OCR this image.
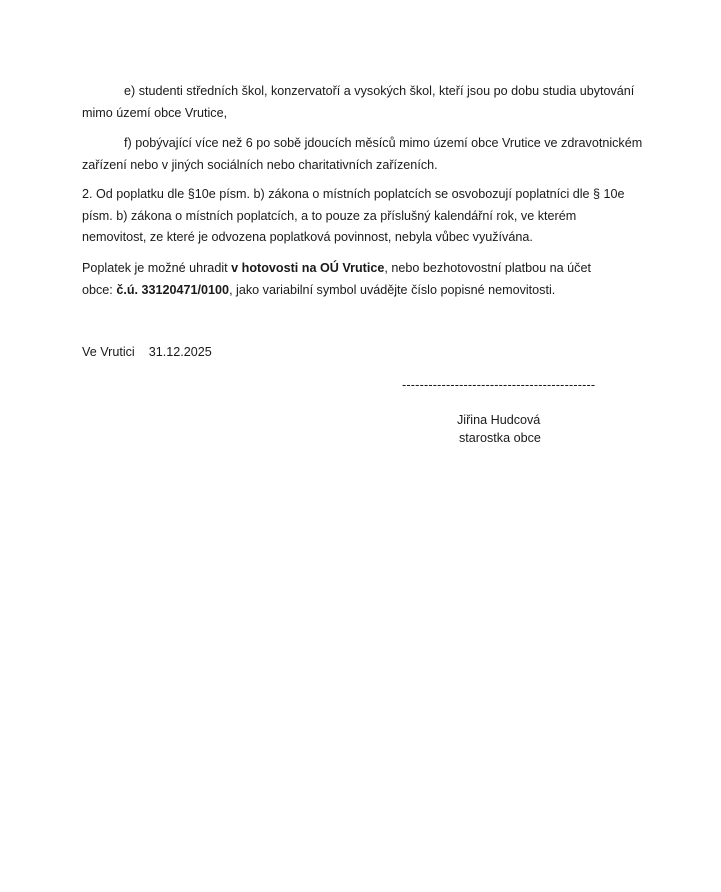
e) studenti středních škol, konzervatoří a vysokých škol, kteří jsou po dobu studia ubytování mimo území obce Vrutice,

f) pobývající více než 6 po sobě jdoucích měsíců mimo území obce Vrutice ve zdravotnickém zařízení nebo v jiných sociálních nebo charitativních zařízeních.

2. Od poplatku dle §10e písm. b) zákona o místních poplatcích se osvobozují poplatníci dle § 10e
písm. b) zákona o místních poplatcích, a to pouze za příslušný kalendářní rok, ve kterém
nemovitost, ze které je odvozena poplatková povinnost, nebyla vůbec využívána.

Poplatek je možné uhradit v hotovosti na OÚ Vrutice, nebo bezhotovostní platbou na účet
obce: č.ú. 33120471/0100, jako variabilní symbol uvádějte číslo popisné nemovitosti.

Ve Vrutici 31.12.2025
--------------------------------------------
Jiřina Hudcová
starostka obce
